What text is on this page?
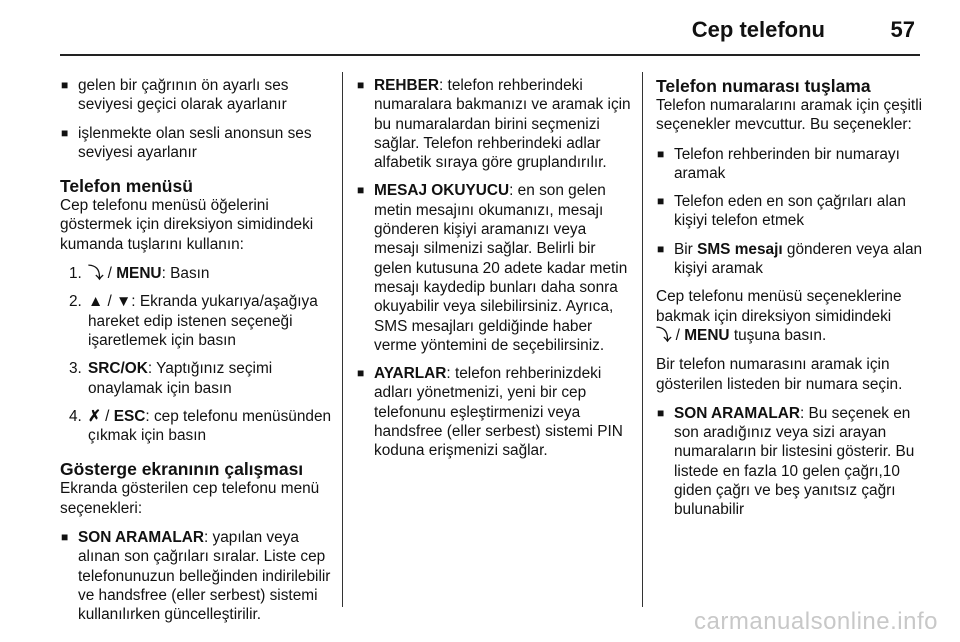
Cep telefonu	57
■ gelen bir çağrının ön ayarlı ses seviyesi geçici olarak ayarlanır
■ işlenmekte olan sesli anonsun ses seviyesi ayarlanır
Telefon menüsü
Cep telefonu menüsü öğelerini göstermek için direksiyon simidindeki kumanda tuşlarını kullanın:
1. ⤵ / MENU: Basın
2. ▲ / ▼: Ekranda yukarıya/aşağıya hareket edip istenen seçeneği işaretlemek için basın
3. SRC/OK: Yaptığınız seçimi onaylamak için basın
4. ✗ / ESC: cep telefonu menüsünden çıkmak için basın
Gösterge ekranının çalışması
Ekranda gösterilen cep telefonu menü seçenekleri:
■ SON ARAMALAR: yapılan veya alınan son çağrıları sıralar. Liste cep telefonunuzun belleğinden indirilebilir ve handsfree (eller serbest) sistemi kullanılırken güncelleştirilir.
■ REHBER: telefon rehberindeki numaralara bakmanızı ve aramak için bu numaralardan birini seçmenizi sağlar. Telefon rehberindeki adlar alfabetik sıraya göre gruplandırılır.
■ MESAJ OKUYUCU: en son gelen metin mesajını okumanızı, mesajı gönderen kişiyi aramanızı veya mesajı silmenizi sağlar. Belirli bir gelen kutusuna 20 adete kadar metin mesajı kaydedip bunları daha sonra okuyabilir veya silebilirsiniz. Ayrıca, SMS mesajları geldiğinde haber verme yöntemini de seçebilirsiniz.
■ AYARLAR: telefon rehberinizdeki adları yönetmenizi, yeni bir cep telefonunu eşleştirmenizi veya handsfree (eller serbest) sistemi PIN koduna erişmenizi sağlar.
Telefon numarası tuşlama
Telefon numaralarını aramak için çeşitli seçenekler mevcuttur. Bu seçenekler:
■ Telefon rehberinden bir numarayı aramak
■ Telefon eden en son çağrıları alan kişiyi telefon etmek
■ Bir SMS mesajı gönderen veya alan kişiyi aramak
Cep telefonu menüsü seçeneklerine bakmak için direksiyon simidindeki
⤵ / MENU tuşuna basın.
Bir telefon numarasını aramak için gösterilen listeden bir numara seçin.
■ SON ARAMALAR: Bu seçenek en son aradığınız veya sizi arayan numaraların bir listesini gösterir. Bu listede en fazla 10 gelen çağrı,10 giden çağrı ve beş yanıtsız çağrı bulunabilir
carmanualsonline.info
